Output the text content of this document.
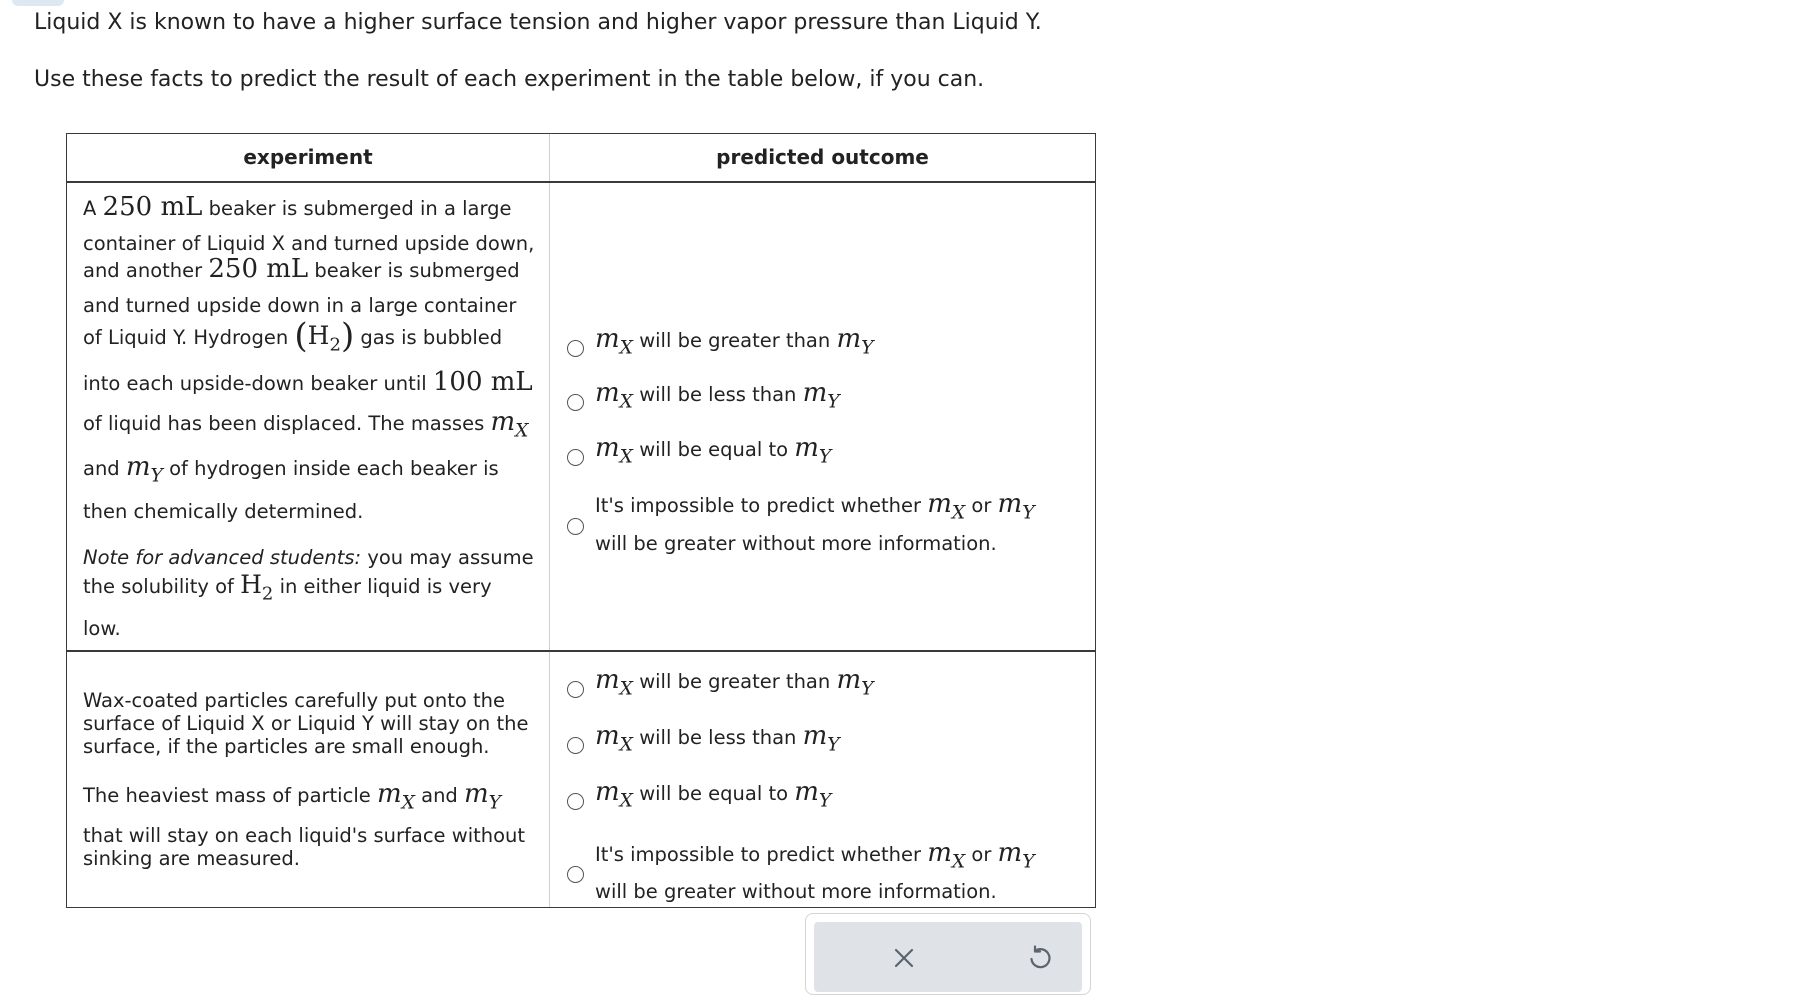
Liquid X is known to have a higher surface tension and higher vapor pressure than Liquid Y.

Use these facts to predict the result of each experiment in the table below, if you can.

experiment	predicted outcome

A 250 mL beaker is submerged in a large

container of Liquid X and turned upside down,

and another 250 mL beaker is submerged

and turned upside down in a large container

of Liquid Y. Hydrogen $(H_2)$ gas is bubbled

into each upside-down beaker until 100 mL

of liquid has been displaced. The masses $m_X$

and $m_Y$ of hydrogen inside each beaker is

then chemically determined.

Note for advanced students: you may assume

the solubility of $H_2$ in either liquid is very

low.

Wax-coated particles carefully put onto the

surface of Liquid X or Liquid Y will stay on the

surface, if the particles are small enough.

The heaviest mass of particle $m_X$ and $m_Y$

that will stay on each liquid's surface without

sinking are measured.

$m_X$ will be greater than $m_Y$
$m_X$ will be less than $m_Y$
$m_X$ will be equal to $m_Y$
It's impossible to predict whether $m_X$ or $m_Y$
will be greater without more information.
$m_X$ will be greater than $m_Y$
$m_X$ will be less than $m_Y$
$m_X$ will be equal to $m_Y$
It's impossible to predict whether $m_X$ or $m_Y$
will be greater without more information.
